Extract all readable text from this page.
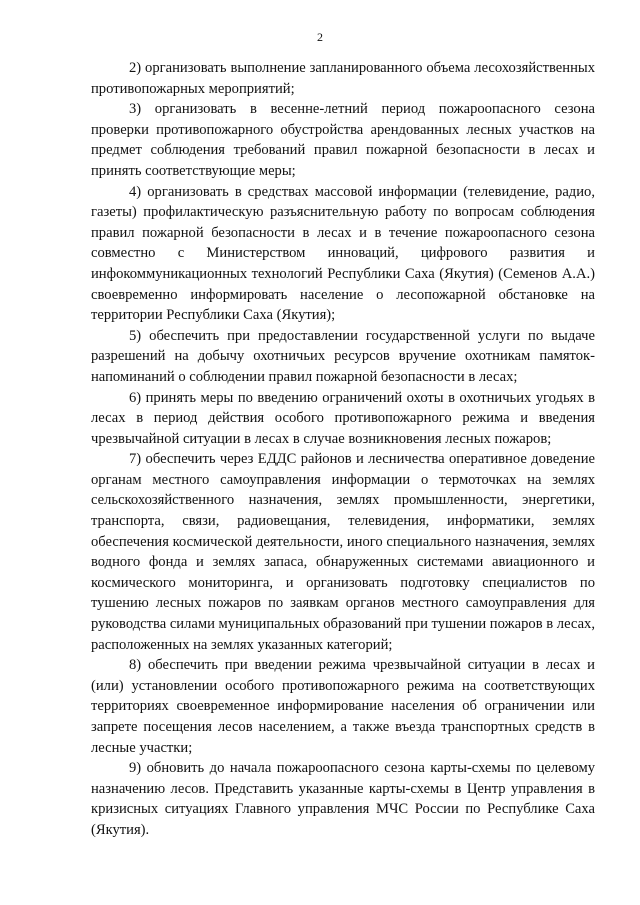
2

2) организовать выполнение запланированного объема лесохозяйственных противопожарных мероприятий;

3) организовать в весенне-летний период пожароопасного сезона проверки противопожарного обустройства арендованных лесных участков на предмет соблюдения требований правил пожарной безопасности в лесах и принять соответствующие меры;

4) организовать в средствах массовой информации (телевидение, радио, газеты) профилактическую разъяснительную работу по вопросам соблюдения правил пожарной безопасности в лесах и в течение пожароопасного сезона совместно с Министерством инноваций, цифрового развития и инфокоммуникационных технологий Республики Саха (Якутия) (Семенов А.А.) своевременно информировать население о лесопожарной обстановке на территории Республики Саха (Якутия);

5) обеспечить при предоставлении государственной услуги по выдаче разрешений на добычу охотничьих ресурсов вручение охотникам памяток-напоминаний о соблюдении правил пожарной безопасности в лесах;

6) принять меры по введению ограничений охоты в охотничьих угодьях в лесах в период действия особого противопожарного режима и введения чрезвычайной ситуации в лесах в случае возникновения лесных пожаров;

7) обеспечить через ЕДДС районов и лесничества оперативное доведение органам местного самоуправления информации о термоточках на землях сельскохозяйственного назначения, землях промышленности, энергетики, транспорта, связи, радиовещания, телевидения, информатики, землях обеспечения космической деятельности, иного специального назначения, землях водного фонда и землях запаса, обнаруженных системами авиационного и космического мониторинга, и организовать подготовку специалистов по тушению лесных пожаров по заявкам органов местного самоуправления для руководства силами муниципальных образований при тушении пожаров в лесах, расположенных на землях указанных категорий;

8) обеспечить при введении режима чрезвычайной ситуации в лесах и (или) установлении особого противопожарного режима на соответствующих территориях своевременное информирование населения об ограничении или запрете посещения лесов населением, а также въезда транспортных средств в лесные участки;

9) обновить до начала пожароопасного сезона карты-схемы по целевому назначению лесов. Представить указанные карты-схемы в Центр управления в кризисных ситуациях Главного управления МЧС России по Республике Саха (Якутия).
